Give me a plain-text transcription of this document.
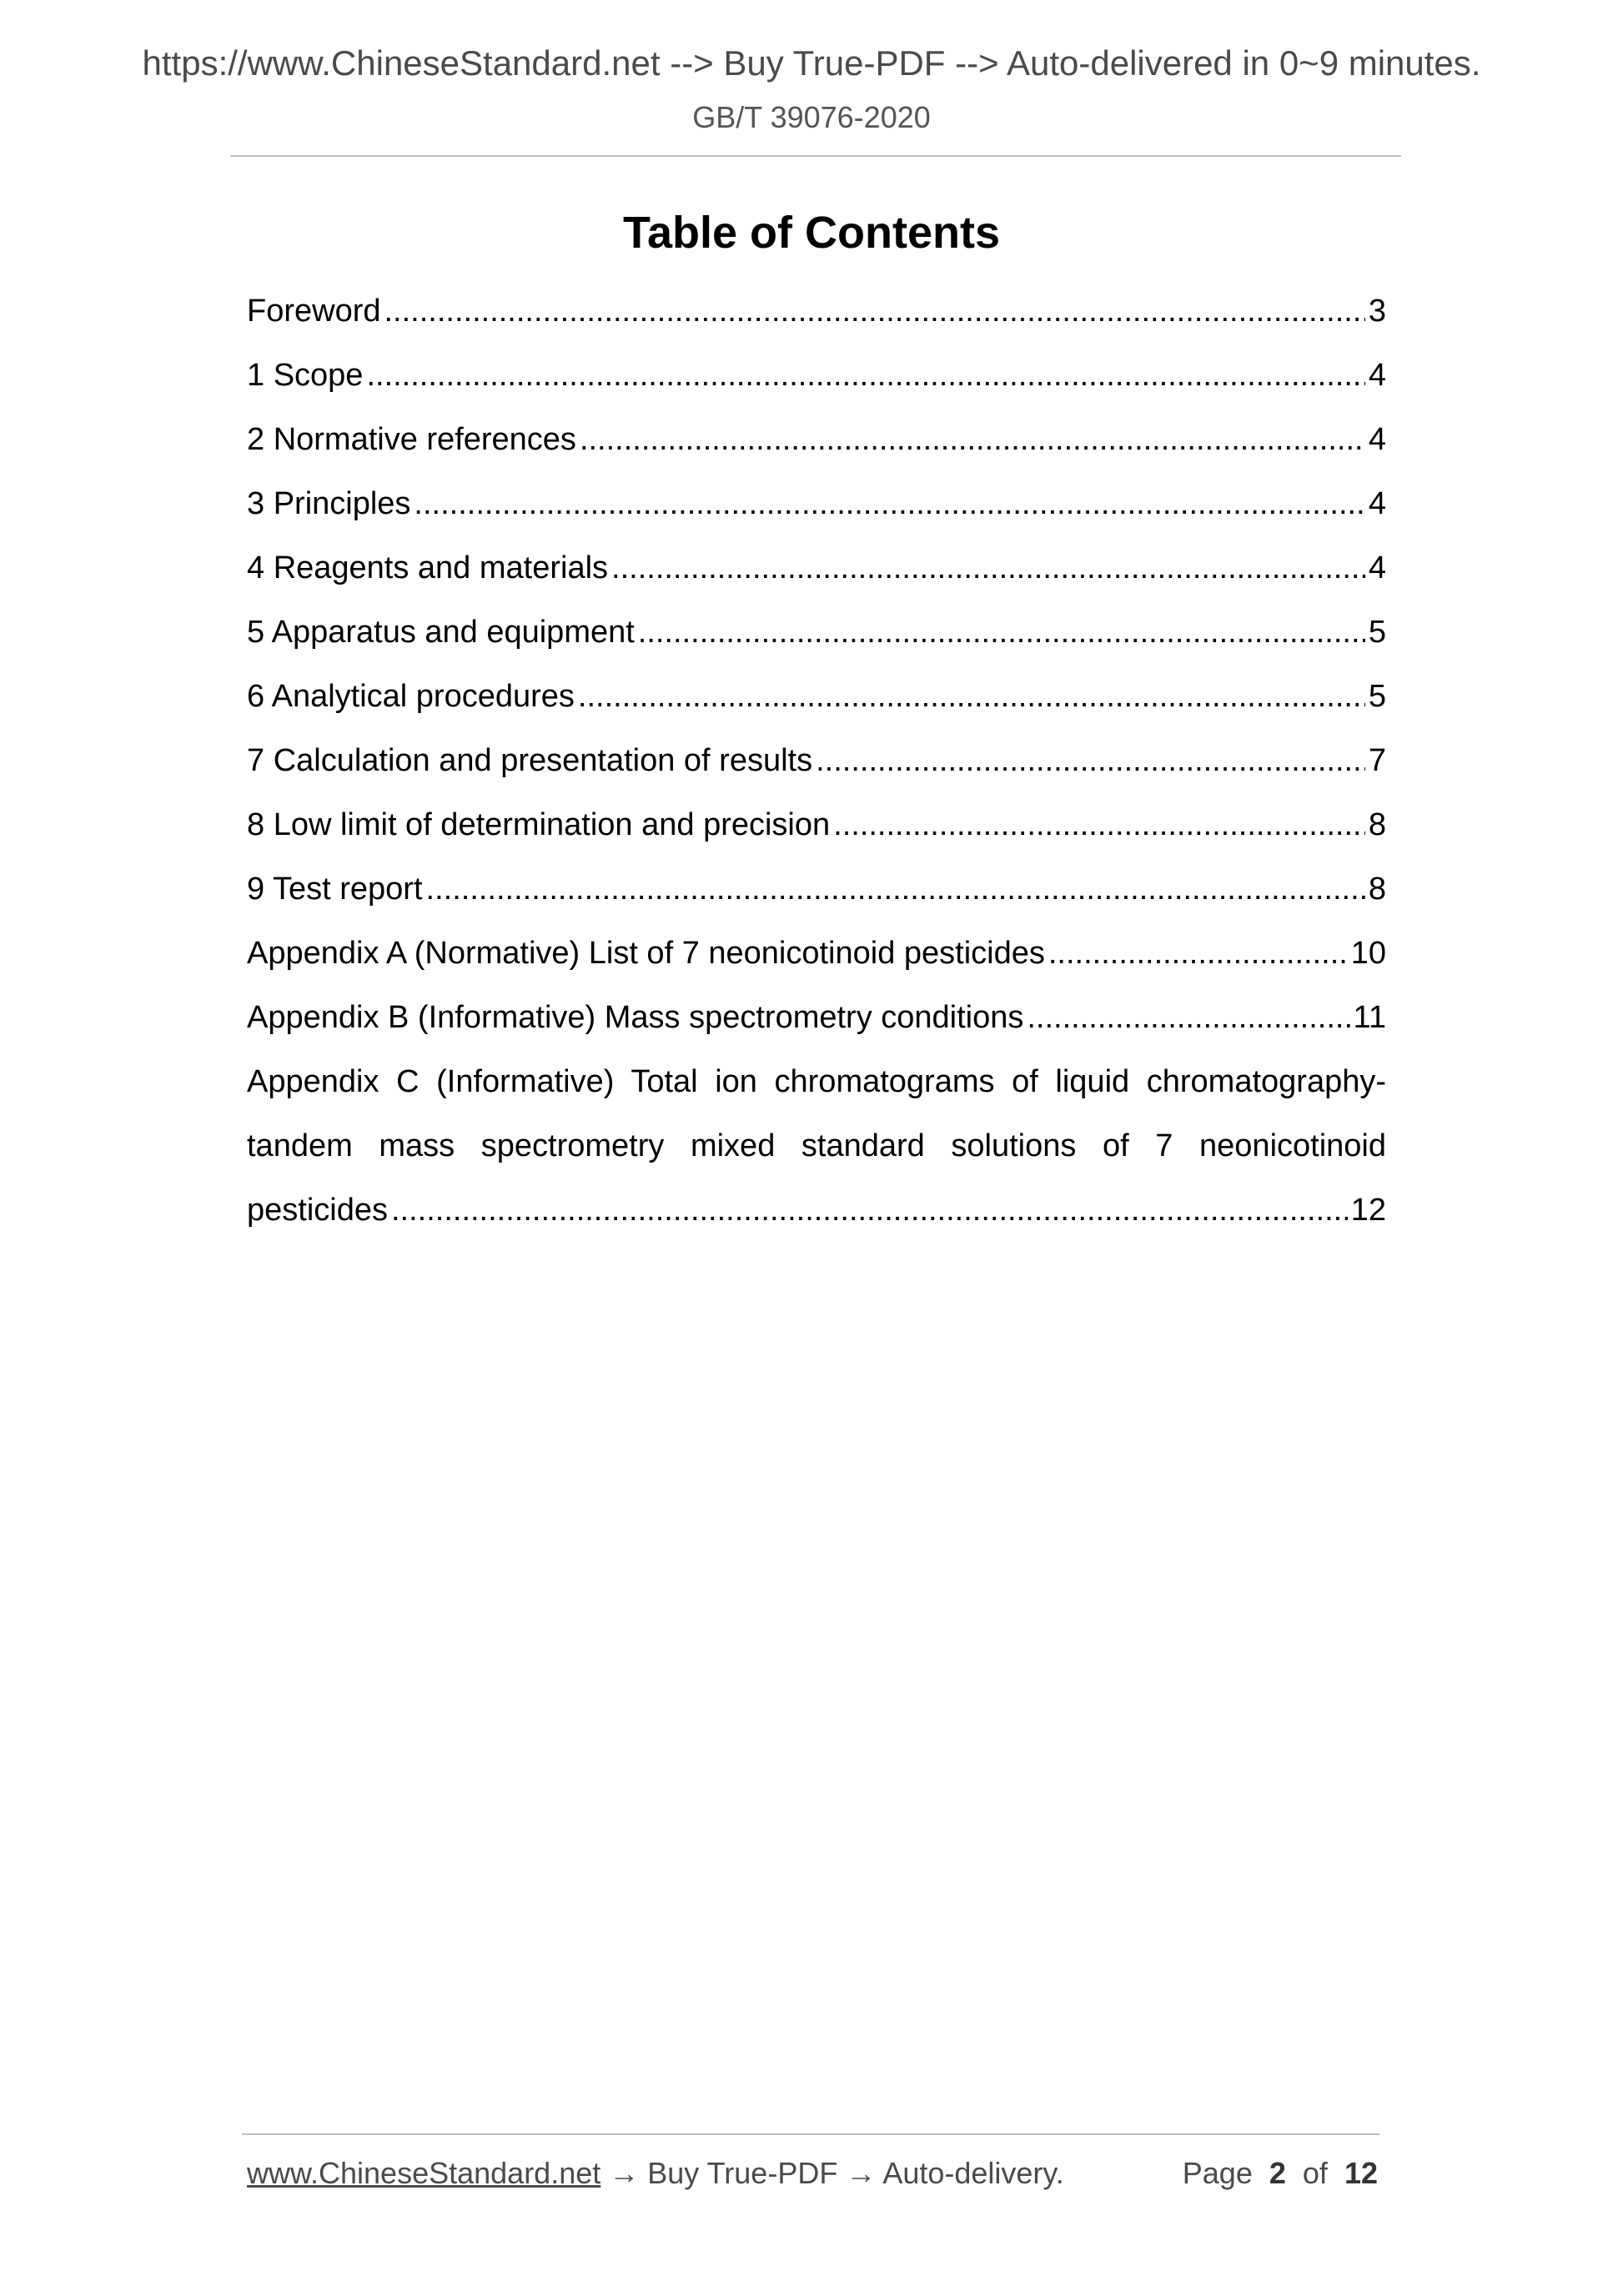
https://www.ChineseStandard.net --> Buy True-PDF --> Auto-delivered in 0~9 minutes.
GB/T 39076-2020
Table of Contents
Foreword .....	3
1 Scope .....	4
2 Normative references .....	4
3 Principles .....	4
4 Reagents and materials .....	4
5 Apparatus and equipment .....	5
6 Analytical procedures .....	5
7 Calculation and presentation of results .....	7
8 Low limit of determination and precision .....	8
9 Test report .....	8
Appendix A (Normative) List of 7 neonicotinoid pesticides .....	10
Appendix B (Informative) Mass spectrometry conditions .....	11
Appendix C (Informative) Total ion chromatograms of liquid chromatography-
tandem mass spectrometry mixed standard solutions of 7 neonicotinoid
pesticides .....	12
www.ChineseStandard.net → Buy True-PDF → Auto-delivery.	Page 2 of 12
